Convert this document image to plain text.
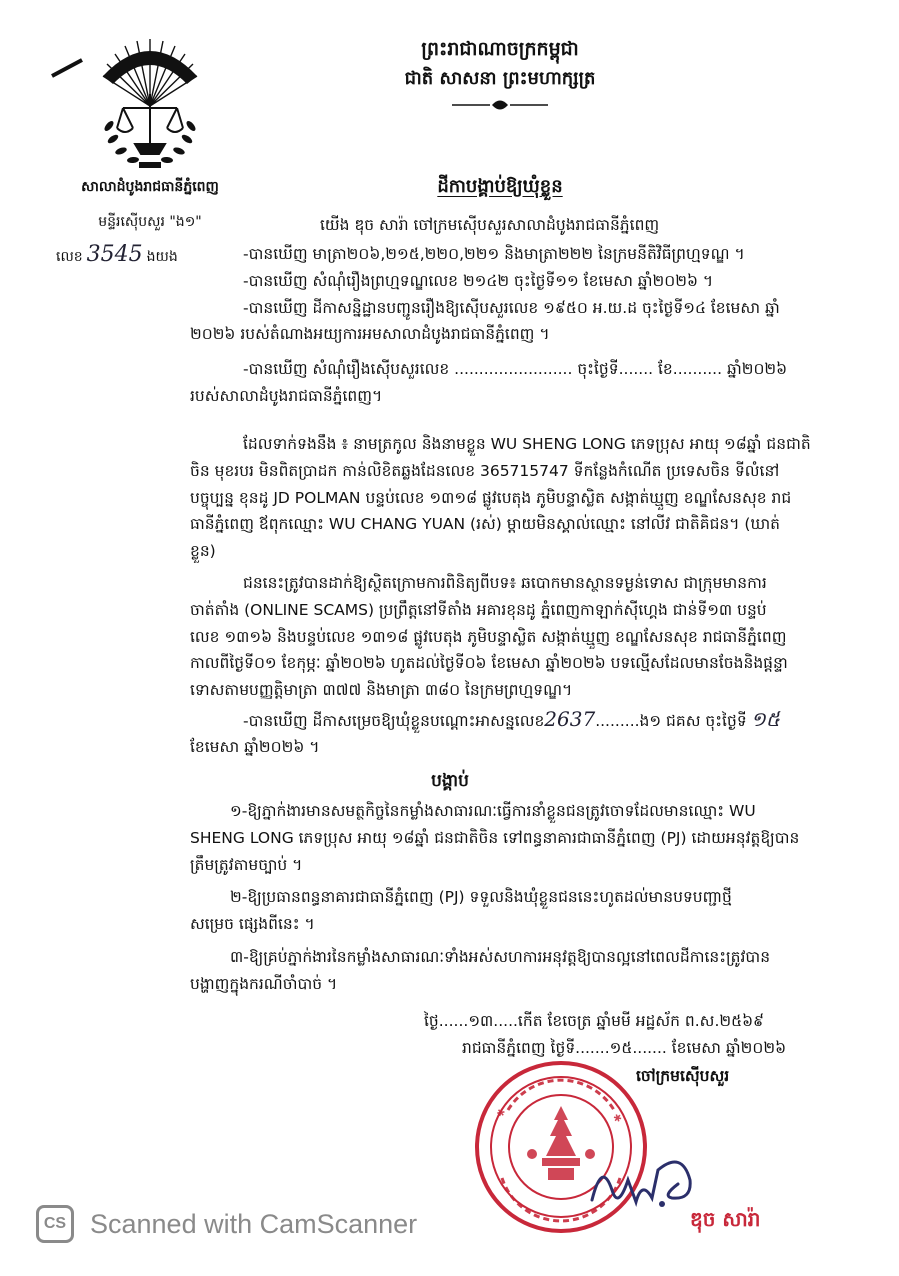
ព្រះរាជាណាចក្រកម្ពុជា
ជាតិ សាសនា ព្រះមហាក្សត្រ
សាលាដំបូងរាជធានីភ្នំពេញ
មន្ទីរស៊ើបសួរ "ង១"
លេខ 3545 ងយង
ដីកាបង្គាប់ឱ្យឃុំខ្លួន
យើង ឌុច សារ៉ា ចៅក្រមស៊ើបសួរសាលាដំបូងរាជធានីភ្នំពេញ

-បានឃើញ មាត្រា២០៦,២១៥,២២០,២២១ និងមាត្រា២២២ នៃក្រមនីតិវិធីព្រហ្មទណ្ឌ ។

-បានឃើញ សំណុំរឿងព្រហ្មទណ្ឌលេខ ២១៤២ ចុះថ្ងៃទី១១ ខែមេសា ឆ្នាំ២០២៦ ។

-បានឃើញ ដីកាសន្និដ្ឋានបញ្ជូនរឿងឱ្យស៊ើបសួរលេខ ១៩៥០ អ.យ.ដ ចុះថ្ងៃទី១៤ ខែមេសា ឆ្នាំ

២០២៦ របស់តំណាងអយ្យការអមសាលាដំបូងរាជធានីភ្នំពេញ ។

-បានឃើញ សំណុំរឿងស៊ើបសួរលេខ ........................ ចុះថ្ងៃទី....... ខែ.......... ឆ្នាំ២០២៦

របស់សាលាដំបូងរាជធានីភ្នំពេញ។

ដែលទាក់ទងនឹង ៖ នាមត្រកូល និងនាមខ្លួន WU SHENG LONG ភេទប្រុស អាយុ ១៨ឆ្នាំ ជនជាតិ

ចិន មុខរបរ មិនពិតប្រាដក កាន់លិខិតឆ្លងដែនលេខ 365715747 ទីកន្លែងកំណើត ប្រទេសចិន ទីលំនៅ

បច្ចុប្បន្ន ខុនដូ JD POLMAN បន្ទប់លេខ ១៣១៨ ផ្លូវបេតុង ភូមិបន្ទាស្លិត សង្កាត់ឃ្មួញ ខណ្ឌសែនសុខ រាជ

ធានីភ្នំពេញ ឪពុកឈ្មោះ WU CHANG YUAN (រស់) ម្តាយមិនស្គាល់ឈ្មោះ នៅលីវ ជាតិគិជន។ (ឃាត់

ខ្លួន)

ជននេះត្រូវបានដាក់ឱ្យស្ថិតក្រោមការពិនិត្យពីបទ៖ ឆបោកមានស្ថានទម្ងន់ទោស ជាក្រុមមានការ

ចាត់តាំង (ONLINE SCAMS) ប្រព្រឹត្តនៅទីតាំង អគារខុនដូ ភ្នំពេញកាឡាក់ស៊ីហ្គេង ជាន់ទី១៣ បន្ទប់

លេខ ១៣១៦ និងបន្ទប់លេខ ១៣១៨ ផ្លូវបេតុង ភូមិបន្ទាស្លិត សង្កាត់ឃ្មួញ ខណ្ឌសែនសុខ រាជធានីភ្នំពេញ

កាលពីថ្ងៃទី០១ ខែកុម្ភៈ ឆ្នាំ២០២៦ ហូតដល់ថ្ងៃទី០៦ ខែមេសា ឆ្នាំ២០២៦ បទល្មើសដែលមានចែងនិងផ្តន្ទា

ទោសតាមបញ្ញត្តិមាត្រា ៣៧៧ និងមាត្រា ៣៨០ នៃក្រមព្រហ្មទណ្ឌ។

-បានឃើញ ដីកាសម្រេចឱ្យឃុំខ្លួនបណ្តោះអាសន្នលេខ2637.........ង១ ជគស ចុះថ្ងៃទី ១៥
ខែមេសា ឆ្នាំ២០២៦ ។
បង្គាប់

១-ឱ្យភ្នាក់ងារមានសមត្ថកិច្ចនៃកម្លាំងសាធារណៈធ្វើការនាំខ្លួនជនត្រូវចោទដែលមានឈ្មោះ WU

SHENG LONG ភេទប្រុស អាយុ ១៨ឆ្នាំ ជនជាតិចិន ទៅពន្ធនាគារជាធានីភ្នំពេញ (PJ) ដោយអនុវត្តឱ្យបាន

ត្រឹមត្រូវតាមច្បាប់ ។

២-ឱ្យប្រធានពន្ធនាគារជាធានីភ្នំពេញ (PJ) ទទួលនិងឃុំខ្លួនជននេះហូតដល់មានបទបញ្ជាថ្មី

សម្រេច ផ្សេងពីនេះ ។

៣-ឱ្យគ្រប់ភ្នាក់ងារនៃកម្លាំងសាធារណៈទាំងអស់សហការអនុវត្តឱ្យបានល្អនៅពេលដីកានេះត្រូវបាន

បង្ហាញក្នុងករណីចាំបាច់ ។

ថ្ងៃ......១៣.....កើត ខែចេត្រ ឆ្នាំមមី អដ្ឋស័ក ព.ស.២៥៦៩
រាជធានីភ្នំពេញ ថ្ងៃទី.......១៥....... ខែមេសា ឆ្នាំ២០២៦
ចៅក្រមស៊ើបសួរ
✱	✱
ឌុច សារ៉ា
CS Scanned with CamScanner
